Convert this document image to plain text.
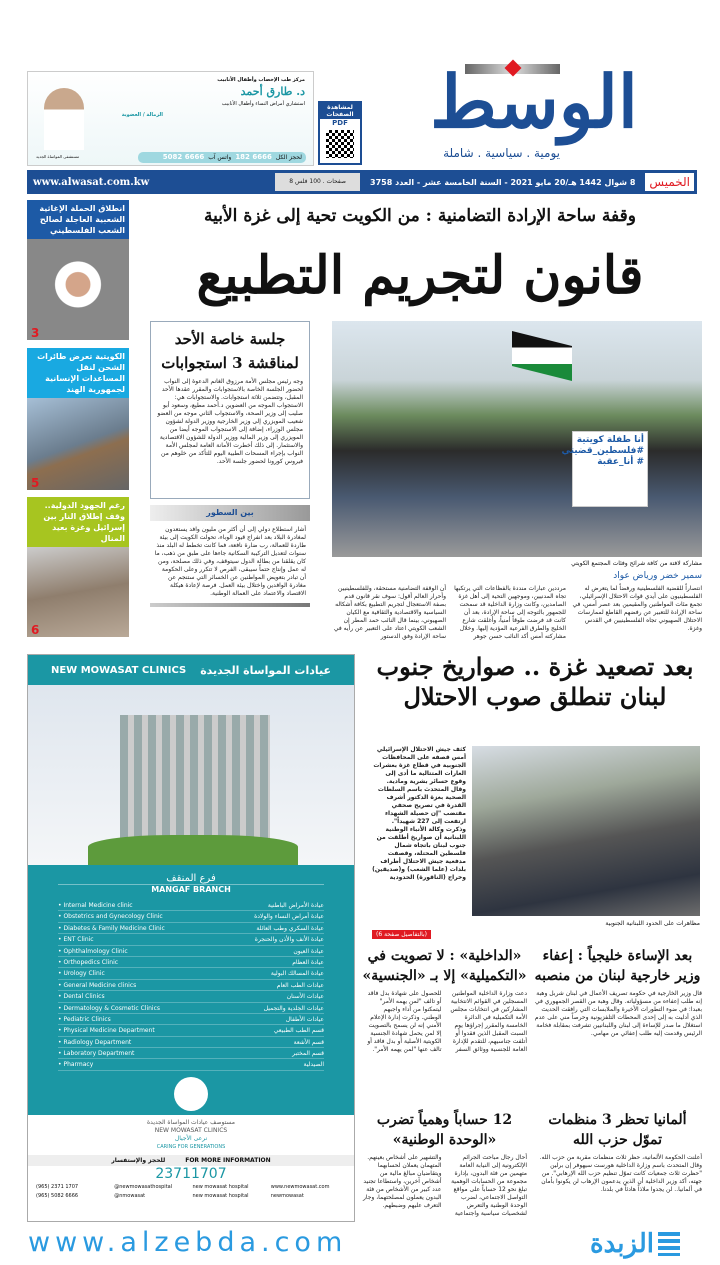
الوسط
يومية . سياسية . شاملة
لمشاهدة الصفحات
PDF
مركز طب الإخصاب وأطفال الأنابيب
د. طارق أحمد
استشاري أمراض النساء وأطفال الأنابيب
الزمالة / العضوية
مستشفى المواساة الجديد	5082 6666 واتس آب 182 6666 لحجز الكل
www.alwasat.com.kw	8 صفحات . 100 فلس	8 شوال 1442 هـ/20 مايو 2021 - السنة الخامسة عشر - العدد 3758	الخميس
انطلاق الحملة الإغاثية الشعبية العاجلة لصالح الشعب الفلسطيني
3
الكويتية تعرض طائرات الشحن لنقل المساعدات الإنسانية لجمهورية الهند
5
رغم الجهود الدولية.. وقف إطلاق النار بين إسرائيل وغزة بعيد المنال
6
وقفة ساحة الإرادة التضامنية : من الكويت تحية إلى غزة الأبية
قانون لتجريم التطبيع
جلسة خاصة الأحد لمناقشة 3 استجوابات
وجه رئيس مجلس الأمة مرزوق الغانم الدعوة إلى النواب لحضور الجلسة الخاصة بالاستجوابات والمقرر عقدها الأحد المقبل، وتتضمن ثلاثة استجوابات. والاستجوابات هي: الاستجواب الموجه من العضوين د.أحمد مطيع، وسعود أبو صليب إلى وزير الصحة، والاستجواب الثاني موجه من العضو شعيب المويزري إلى وزير الخارجية ووزير الدولة لشؤون مجلس الوزراء، إضافة إلى الاستجواب الموجه أيضا من المويزري إلى وزير المالية ووزير الدولة للشؤون الاقتصادية والاستثمار. إلى ذلك أخطرت الأمانة العامة لمجلس الأمة النواب بإجراء المسحات الطبية اليوم للتأكد من خلوهم من فيروس كورونا لحضور جلسة الأحد.
بين السطور
أشار استطلاع دولي إلى أن أكثر من مليون وافد يستعدون لمغادرة البلاد بعد انفراج قيود الوباء، تحولت الكويت إلى بيئة طاردة للعمالة، رب ضارة نافعة، فما كانت تخطط له البلد منذ سنوات لتعديل التركيبة السكانية جاءها على طبق من ذهب، ما كان يقلقنا من بطالة الدول سيتوقف، وفي ذلك مصلحة، ومن له عمل وإنتاج حتماً سيبقى، الفرص لا تتكرر وعلى الحكومة أن تبادر بتعويض المواطنين عن الخسائر التي ستنجم عن مغادرة الوافدين واختلال بيئة العمل. فرصة لإعادة هيكلة الاقتصاد والاعتماد على العمالة الوطنية.
أنا طفلة كويتية #فلسطين_قضيتي # أنا_عقبة
مشاركة لافتة من كافة شرائح وفئات المجتمع الكويتي
سمير خضر ورياض عواد
انتصاراً للقضية الفلسطينية ورفضاً لما يتعرض له الفلسطينيون على أيدي قوات الاحتلال الإسرائيلي، تجمع مئات المواطنين والمقيمين بعد عصر أمس، في ساحة الإرادة للتعبير عن رفضهم القاطع لممارسات الاحتلال الصهيوني تجاه الفلسطينيين في القدس وغزة.
مرددين عبارات منددة بالفظاعات التي يرتكبها تجاه المدنيين، وموجهين التحية إلى أهل غزة الصامدين، وكانت وزارة الداخلية قد سمحت للجمهور بالتوجه إلى ساحة الإرادة، بعد أن كانت قد فرضت طوقاً أمنياً، وأغلقت شارع الخليج والطرق الفرعية المؤدية إليها. وخلال مشاركته أمس أكد النائب حسن جوهر
أن الوقفة التضامنية مستحقة، وللفلسطينيين وأحرار العالم أقول: سوف نقر قانون قدم بصفة الاستعجال لتجريم التطبيع بكافة أشكاله السياسية والاقتصادية والثقافية مع الكيان الصهيوني، بينما قال النائب حمد المطر إن الشعب الكويتي اعتاد على التعبير عن رأيه في ساحة الإرادة وفق الدستور
بعد تصعيد غزة .. صواريخ جنوب لبنان تنطلق صوب الاحتلال
كثف جيش الاحتلال الإسرائيلي أمس قصفه على المحافظات الجنوبية في قطاع غزة بعشرات الغارات المتتالية ما أدى إلى وقوع خسائر بشرية ومادية. وقال المتحدث باسم السلطات الصحية بغزة الدكتور أشرف القدرة في تصريح صحفي مقتضب "إن حصيلة الشهداء ارتفعت إلى 227 شهيداً". وذكرت وكالة الأنباء الوطنية اللبنانية أن صواريخ أطلقت من جنوب لبنان باتجاه شمال فلسطين المحتلة، وقصفت مدفعية جيش الاحتلال أطراف بلدات (علما الشعب) و(صديقين) وخراج (الناقورة) الحدودية
(بالتفاصيل صفحة 6)
مظاهرات على الحدود اللبنانية الجنوبية
NEW MOWASAT CLINICS عيادات المواساة الجديدة
فرع المنقف
MANGAF BRANCH
• Internal Medicine clinic	عيادة الأمراض الباطنية
• Obstetrics and Gynecology Clinic	عيادة أمراض النساء والولادة
• Diabetes & Family Medicine Clinic	عيادة السكري وطب العائلة
• ENT Clinic	عيادة الأنف والأذن والحنجرة
• Ophthalmology Clinic	عيادة العيون
• Orthopedics Clinic	عيادة العظام
• Urology Clinic	عيادة المسالك البولية
• General Medicine clinics	عيادات الطب العام
• Dental Clinics	عيادات الأسنان
• Dermatology & Cosmetic Clinics	عيادات الجلدية والتجميل
• Pediatric Clinics	عيادات الأطفال
• Physical Medicine Department	قسم الطب الطبيعي
• Radiology Department	قسم الأشعة
• Laboratory Department	قسم المختبر
• Pharmacy	الصيدلية
مستوصف عيادات المواساة الجديدة
NEW MOWASAT CLINICS
نرعى الأجيال
CARING FOR GENERATIONS
للحجز والإستفسار	FOR MORE INFORMATION
23711707
(965) 2371 1707	@newmowasathospital	new mowasat hospital	www.newmowasat.com
(965) 5082 6666	@nmowasat	new mowasat hospital	newmowasat
بعد الإساءة خليجياً : إعفاء وزير خارجية لبنان من منصبه
قال وزير الخارجية في حكومة تصريف الأعمال في لبنان شربل وهبة إنه طلب إعفاءه من مسؤولياته. وقال وهبة من القصر الجمهوري في بعبدا: في ضوء التطورات الأخيرة والملابسات التي رافقت الحديث الذي أدليت به إلى إحدى المحطات التلفزيونية وحرصاً مني على عدم استغلال ما صدر للإساءة إلى لبنان واللبنانيين تشرفت بمقابلة فخامة الرئيس وقدمت إليه طلب إعفائي من مهامي.
«الداخلية» : لا تصويت في «التكميلية» إلا بـ «الجنسية»
دعت وزارة الداخلية المواطنين المسجلين في القوائم الانتخابية المشاركين في انتخابات مجلس الأمة التكميلية في الدائرة الخامسة والمقرر إجراؤها يوم السبت المقبل الذين فقدوا أو أتلفت جناسيهم، للتقدم للإدارة العامة للجنسية ووثائق السفر للحصول على شهادة بدل فاقد أو تالف "لمن يهمه الأمر" ليتمكنوا من أداء واجبهم الوطني. وذكرت إدارة الإعلام الأمني إنه لن يسمح بالتصويت إلا لمن يحمل شهادة الجنسية الكويتية الأصلية أو بدل فاقد أو تالف عنها "لمن يهمه الأمر".
ألمانيا تحظر 3 منظمات تموّل حزب الله
أعلنت الحكومة الألمانية، حظر ثلاث منظمات مقربة من حزب الله. وقال المتحدث باسم وزارة الداخلية هورست سيهوفر إن برلين "حظرت ثلاث جمعيات كانت تموّل تنظيم حزب الله الإرهابي". من جهته، أكد وزير الداخلية أن الذين يدعمون الإرهاب لن يكونوا بأمان في ألمانيا.. لن يجدوا ملاذاً هادئاً في بلدنا.
12 حساباً وهمياً تضرب «الوحدة الوطنية»
أحال رجال مباحث الجرائم الإلكترونية إلى النيابة العامة متهمين من فئة البدون، بإدارة مجموعة من الحسابات الوهمية تبلغ نحو 12 حساباً على مواقع التواصل الاجتماعي، لضرب الوحدة الوطنية والتعرض لشخصيات سياسية واجتماعية والتشهير على أشخاص بعينهم. المتهمان يعملان لحسابهما ويتقاضيان مبالغ مالية من أشخاص آخرين، واستطاعا تجنيد عدد كبير من الأشخاص من فئة البدون يعملون لمصلحتهما، وجار التعرف عليهم وضبطهم.
www.alzebda.com	الزبدة
